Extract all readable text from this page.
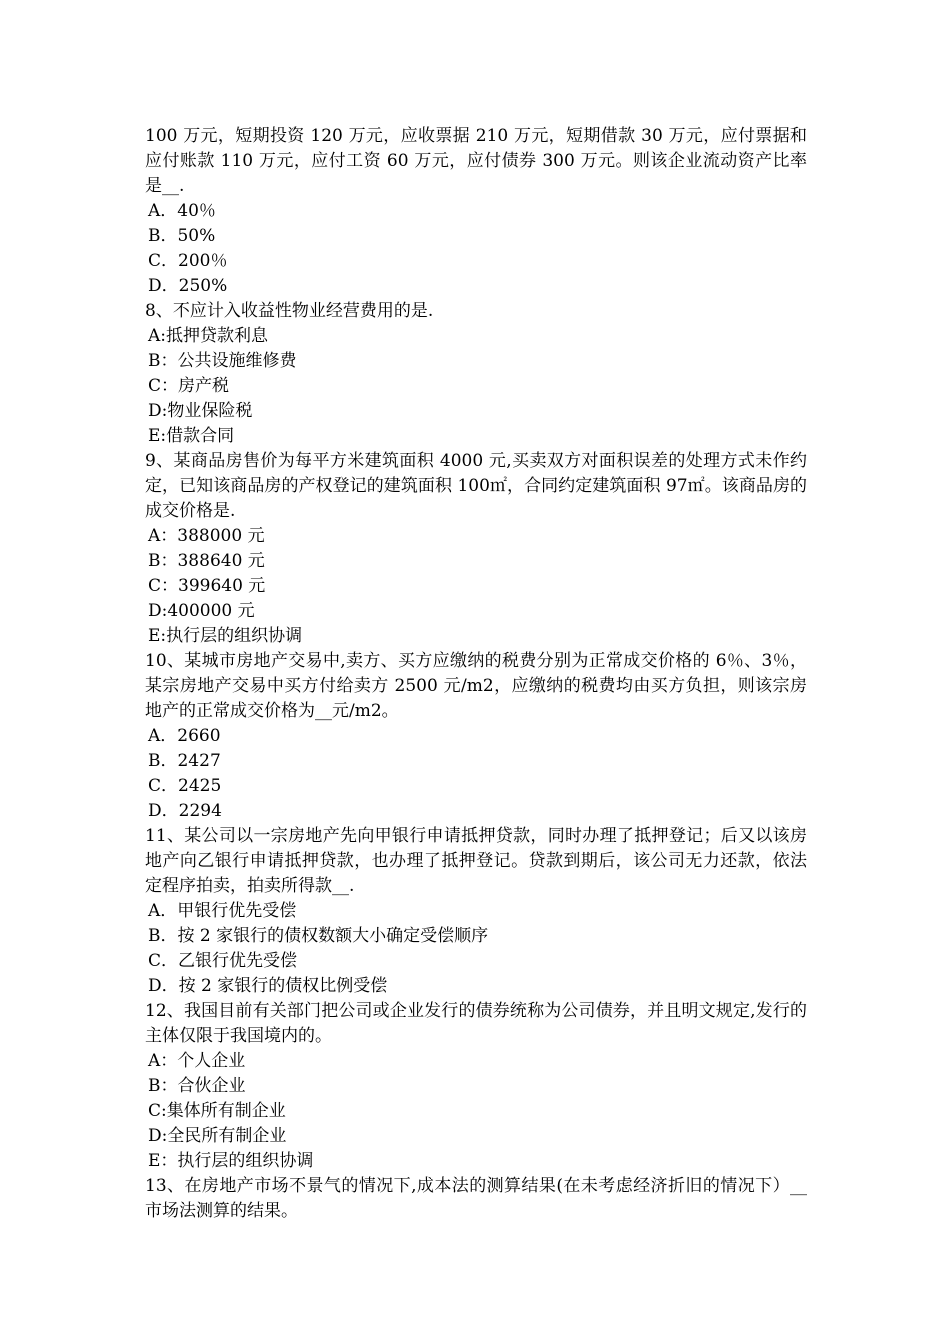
100 万元，短期投资 120 万元，应收票据 210 万元，短期借款 30 万元，应付票据和应付账款 110 万元，应付工资 60 万元，应付债券 300 万元。则该企业流动资产比率是__.

A．40％
B．50%
C．200％
D．250%

8、不应计入收益性物业经营费用的是.

A:抵押贷款利息
B：公共设施维修费
C：房产税
D:物业保险税
E:借款合同

9、某商品房售价为每平方米建筑面积 4000 元,买卖双方对面积误差的处理方式未作约定，已知该商品房的产权登记的建筑面积 100㎡，合同约定建筑面积 97㎡。该商品房的成交价格是.

A：388000 元
B：388640 元
C：399640 元
D:400000 元
E:执行层的组织协调

10、某城市房地产交易中,卖方、买方应缴纳的税费分别为正常成交价格的 6％、3％，某宗房地产交易中买方付给卖方 2500 元/m2，应缴纳的税费均由买方负担，则该宗房地产的正常成交价格为__元/m2。

A．2660
B．2427
C．2425
D．2294

11、某公司以一宗房地产先向甲银行申请抵押贷款，同时办理了抵押登记；后又以该房地产向乙银行申请抵押贷款，也办理了抵押登记。贷款到期后，该公司无力还款，依法定程序拍卖，拍卖所得款__.

A．甲银行优先受偿
B．按 2 家银行的债权数额大小确定受偿顺序
C．乙银行优先受偿
D．按 2 家银行的债权比例受偿

12、我国目前有关部门把公司或企业发行的债券统称为公司债券，并且明文规定,发行的主体仅限于我国境内的。

A：个人企业
B：合伙企业
C:集体所有制企业
D:全民所有制企业
E：执行层的组织协调

13、在房地产市场不景气的情况下,成本法的测算结果(在未考虑经济折旧的情况下）__市场法测算的结果。
